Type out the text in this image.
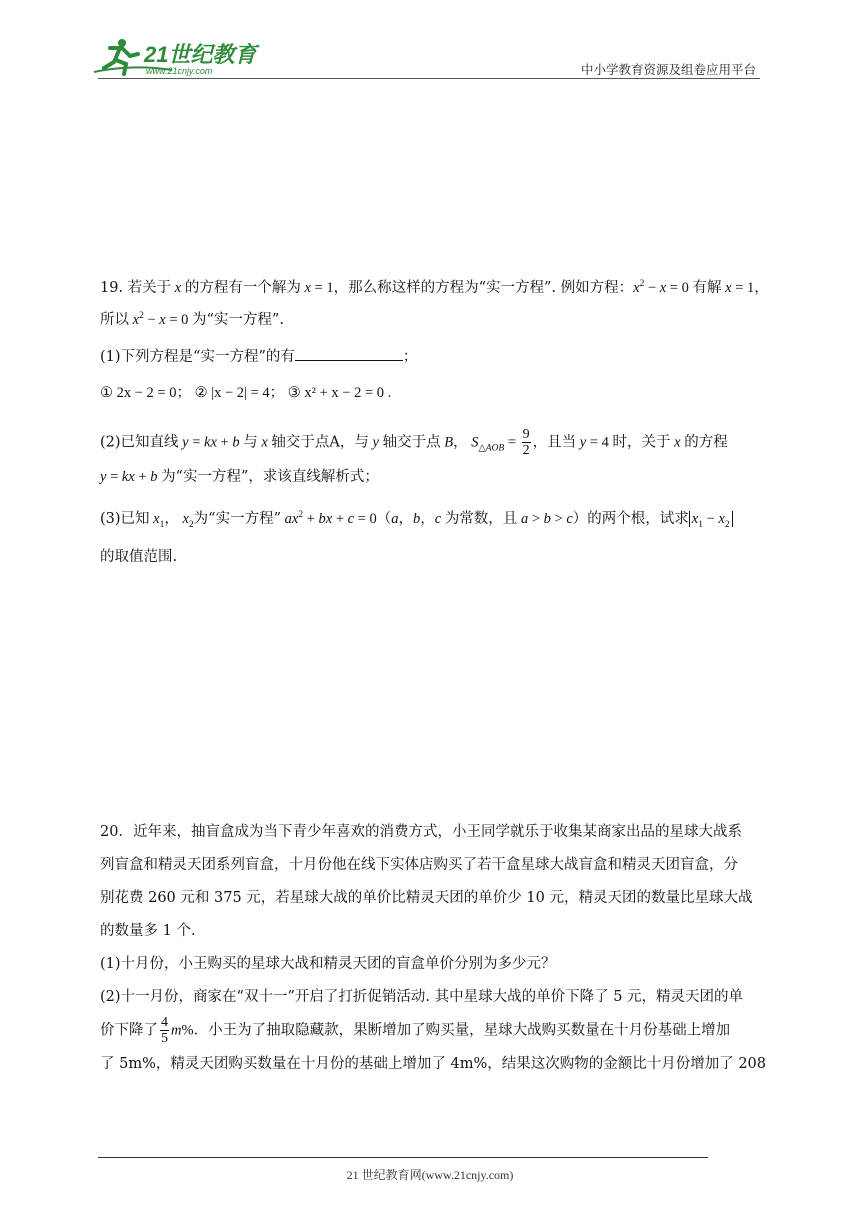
21世纪教育
www.21cnjy.com	中小学教育资源及组卷应用平台
19. 若关于 x 的方程有一个解为 x = 1，那么称这样的方程为“实一方程”. 例如方程：$x^2 - x = 0$ 有解 x = 1，
所以 $x^2 - x = 0$ 为“实一方程”.
(1)下列方程是“实一方程”的有	；
① 2x − 2 = 0； ② |x − 2| = 4； ③ x² + x − 2 = 0 .
(2)已知直线 y = kx + b 与 x 轴交于点A，与 y 轴交于点 B， $S_{\triangle AOB} = \frac{9}{2}$ ，且当 y = 4 时，关于 x 的方程
y = kx + b 为“实一方程”，求该直线解析式；
(3)已知 $x_1$， $x_2$为“实一方程” $ax^2$ + bx + c = 0（a，b，c 为常数，且 a > b > c）的两个根，试求 $x_1 - x_2$
的取值范围.
20．近年来，抽盲盒成为当下青少年喜欢的消费方式，小王同学就乐于收集某商家出品的星球大战系
列盲盒和精灵天团系列盲盒，十月份他在线下实体店购买了若干盒星球大战盲盒和精灵天团盲盒，分
别花费 260 元和 375 元，若星球大战的单价比精灵天团的单价少 10 元，精灵天团的数量比星球大战
的数量多 1 个.
(1)十月份，小王购买的星球大战和精灵天团的盲盒单价分别为多少元？
(2)十一月份，商家在“双十一”开启了打折促销活动. 其中星球大战的单价下降了 5 元，精灵天团的单
价下降了 $\frac{4}{5} m\%$．小王为了抽取隐藏款，果断增加了购买量，星球大战购买数量在十月份基础上增加
了 5m%，精灵天团购买数量在十月份的基础上增加了 4m%，结果这次购物的金额比十月份增加了 208
21 世纪教育网(www.21cnjy.com)
